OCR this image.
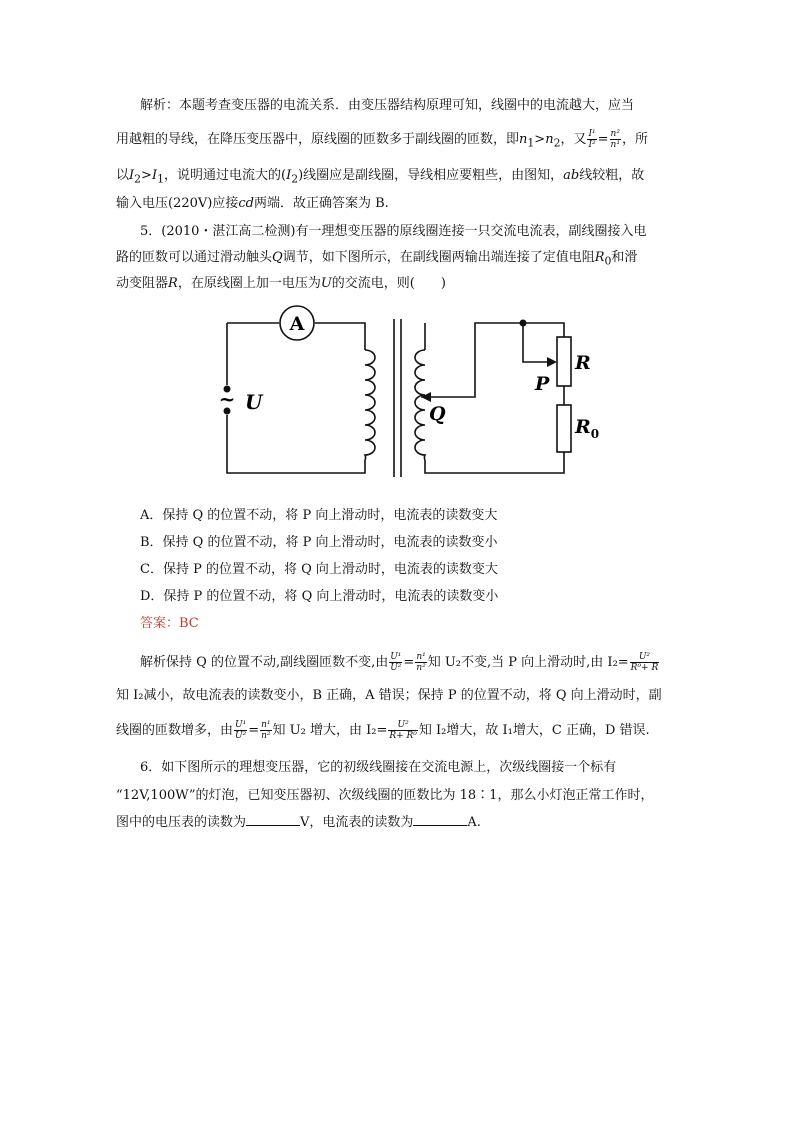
解析：本题考查变压器的电流关系．由变压器结构原理可知，线圈中的电流越大，应当
用越粗的导线，在降压变压器中，原线圈的匝数多于副线圈的匝数，即$n_1>n_2$，又 $\frac{\text{I¹}}{\text{I²}} = \frac{\text{n²}}{\text{n¹}}$ ，所
以$I_2>I_1$，说明通过电流大的$(I_2)$线圈应是副线圈，导线相应要粗些，由图知，ab线较粗，故
输入电压(220V)应接cd两端．故正确答案为 B.
5．(2010・湛江高二检测)有一理想变压器的原线圈连接一只交流电流表，副线圈接入电
路的匝数可以通过滑动触头Q调节，如下图所示，在副线圈两输出端连接了定值电阻$R_0$和滑
动变阻器R，在原线圈上加一电压为U的交流电，则(　　)
A
~ U	Q
P
R
$R_0$
A．保持 Q 的位置不动，将 P 向上滑动时，电流表的读数变大
B．保持 Q 的位置不动，将 P 向上滑动时，电流表的读数变小
C．保持 P 的位置不动，将 Q 向上滑动时，电流表的读数变大
D．保持 P 的位置不动，将 Q 向上滑动时，电流表的读数变小
答案：BC
解析保持 Q 的位置不动,副线圈匝数不变,由 $\frac{\text{U¹}}{\text{U²}} = \frac{\text{n¹}}{\text{n²}}$ 知 U₂不变,当 P 向上滑动时,由 $I_2= \frac{\text{U²}}{\text{R⁰+ R}}$
知 I₂减小，故电流表的读数变小，B 正确，A 错误；保持 P 的位置不动，将 Q 向上滑动时，副
线圈的匝数增多，由 $\frac{\text{U¹}}{\text{U²}} = \frac{\text{n¹}}{\text{n²}}$ 知 U₂ 增大，由 $I_2= \frac{\text{U²}}{\text{R+ R⁰}}$ 知 I₂增大，故 I₁增大，C 正确，D 错误.
6．如下图所示的理想变压器，它的初级线圈接在交流电源上，次级线圈接一个标有
“12V,100W”的灯泡，已知变压器初、次级线圈的匝数比为 18∶1，那么小灯泡正常工作时，
图中的电压表的读数为	V，电流表的读数为	A.
